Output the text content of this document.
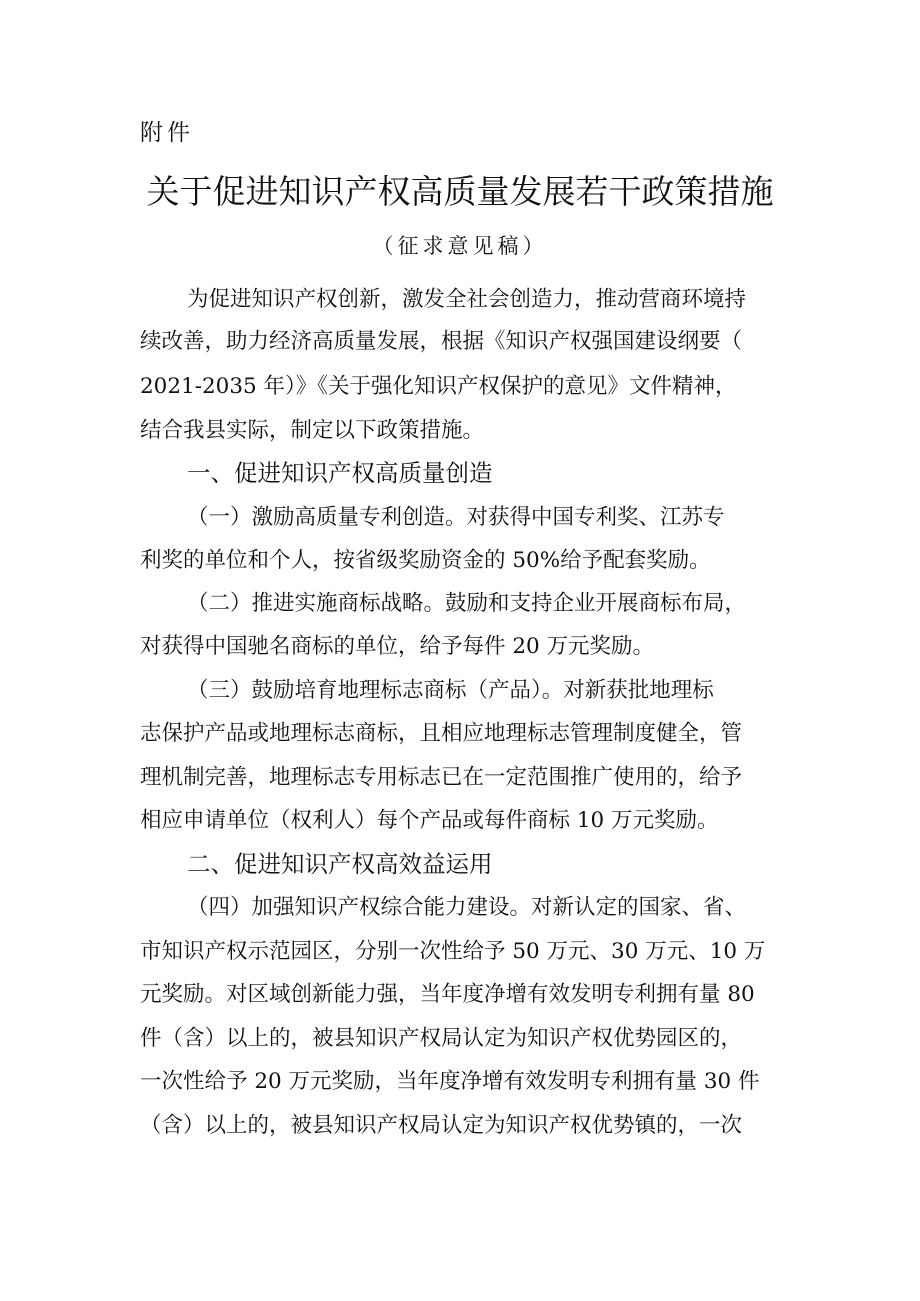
附件
关于促进知识产权高质量发展若干政策措施
（征求意见稿）
为促进知识产权创新，激发全社会创造力，推动营商环境持
续改善，助力经济高质量发展，根据《知识产权强国建设纲要（
2021-2035 年）》《关于强化知识产权保护的意见》文件精神，
结合我县实际，制定以下政策措施。
一、促进知识产权高质量创造
（一）激励高质量专利创造。对获得中国专利奖、江苏专
利奖的单位和个人，按省级奖励资金的 50%给予配套奖励。
（二）推进实施商标战略。鼓励和支持企业开展商标布局，
对获得中国驰名商标的单位，给予每件 20 万元奖励。
（三）鼓励培育地理标志商标（产品）。对新获批地理标
志保护产品或地理标志商标，且相应地理标志管理制度健全，管
理机制完善，地理标志专用标志已在一定范围推广使用的，给予
相应申请单位（权利人）每个产品或每件商标 10 万元奖励。
二、促进知识产权高效益运用
（四）加强知识产权综合能力建设。对新认定的国家、省、
市知识产权示范园区，分别一次性给予 50 万元、30 万元、10 万
元奖励。对区域创新能力强，当年度净增有效发明专利拥有量 80
件（含）以上的，被县知识产权局认定为知识产权优势园区的，
一次性给予 20 万元奖励，当年度净增有效发明专利拥有量 30 件
（含）以上的，被县知识产权局认定为知识产权优势镇的，一次
